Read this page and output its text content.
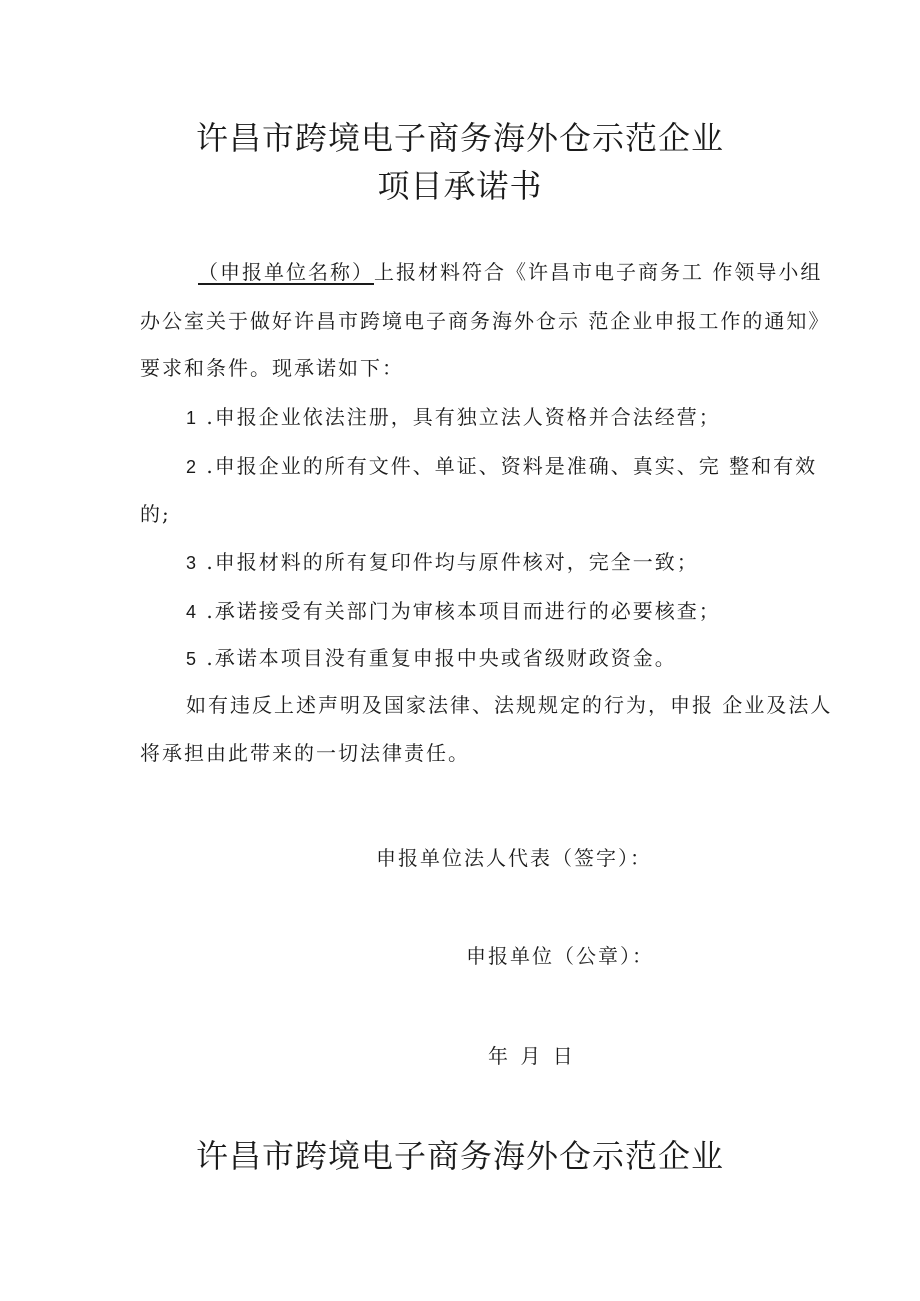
许昌市跨境电子商务海外仓示范企业
项目承诺书
（申报单位名称）上报材料符合《许昌市电子商务工 作领导小组
办公室关于做好许昌市跨境电子商务海外仓示 范企业申报工作的通知》
要求和条件。现承诺如下：
1 .申报企业依法注册，具有独立法人资格并合法经营；
2 .申报企业的所有文件、单证、资料是准确、真实、完 整和有效
的;
3 .申报材料的所有复印件均与原件核对，完全一致；
4 .承诺接受有关部门为审核本项目而进行的必要核查；
5 .承诺本项目没有重复申报中央或省级财政资金。
如有违反上述声明及国家法律、法规规定的行为，申报 企业及法人
将承担由此带来的一切法律责任。
申报单位法人代表（签字）：
申报单位（公章）：
年 月 日
许昌市跨境电子商务海外仓示范企业
